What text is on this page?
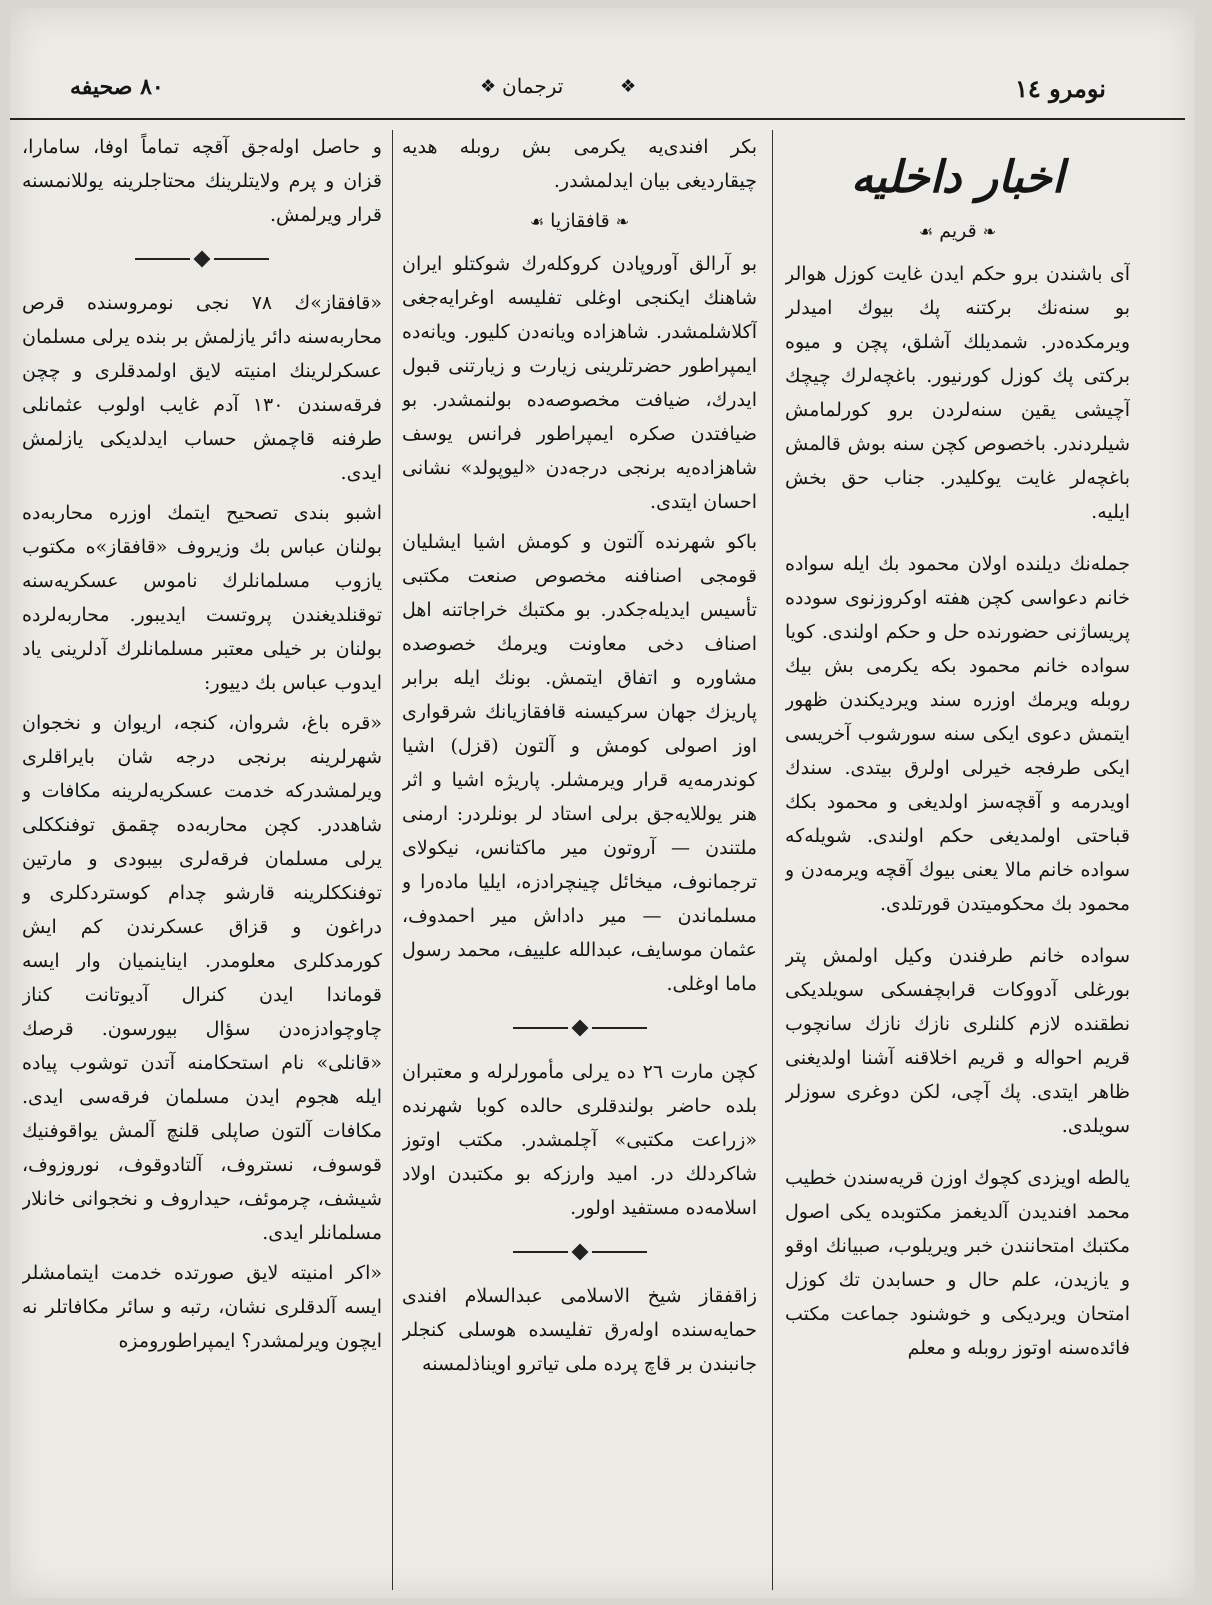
۸۰ صحیفه	❖ ترجمان	❖	نومرو ۱٤
اخبار داخلیه
❧قریم☙

آی باشندن برو حکم ایدن غایت کوزل هوالر بو سنه‌نك برکتنه پك بیوك امیدلر ویرمکده‌در. شمدیلك آشلق، پچن و میوه برکتی پك کوزل کورنیور. باغچه‌لرك چیچك آچیشی یقین سنه‌لردن برو کورلمامش شیلردندر. باخصوص کچن سنه بوش قالمش باغچه‌لر غایت یوکلیدر. جناب حق بخش ایلیه.

جمله‌نك دیلنده اولان محمود بك ایله سواده خانم دعواسی کچن هفته اوکروزنوی سودده پریساژنی حضورنده حل و حکم اولندی. کویا سواده خانم محمود بکه یکرمی بش بیك روبله ویرمك اوزره سند ویردیکندن ظهور ایتمش دعوی ایکی سنه سورشوب آخریسی ایکی طرفجه خیرلی اولرق بیتدی. سندك اویدرمه و آقچه‌سز اولدیغی و محمود بکك قباحتی اولمدیغی حکم اولندی. شویله‌که سواده خانم مالا یعنی بیوك آقچه ویرمه‌دن و محمود بك محکومیتدن قورتلدی.

سواده خانم طرفندن وکیل اولمش پتر بورغلی آدووکات قرابچفسکی سویلدیکی نطقنده لازم کلنلری نازك نازك سانچوب قریم احواله و قریم اخلاقنه آشنا اولدیغنی ظاهر ایتدی. پك آچی، لکن دوغری سوزلر سویلدی.

یالطه اویزدی کچوك اوزن قریه‌سندن خطیب محمد افندیدن آلدیغمز مکتوبده یکی اصول مکتبك امتحانندن خبر ویریلوب، صبیانك اوقو و یازیدن، علم حال و حسابدن تك کوزل امتحان ویردیکی و خوشنود جماعت مکتب فائده‌سنه اوتوز روبله و معلم

بکر افندی‌یه یکرمی بش روبله هدیه چیقاردیغی بیان ایدلمشدر.

❧قافقازیا☙

بو آرالق آوروپادن کروکله‌رك شوکتلو ایران شاهنك ایکنجی اوغلی تفلیسه اوغرایه‌جغی آکلاشلمشدر. شاهزاده ویانه‌دن کلیور. ویانه‌ده ایمپراطور حضرتلرینی زیارت و زیارتنی قبول ایدرك، ضیافت مخصوصه‌ده بولنمشدر. بو ضیافتدن صکره ایمپراطور فرانس یوسف شاهزاده‌یه برنجی درجه‌دن «لیوپولد» نشانی احسان ایتدی.

باکو شهرنده آلتون و کومش اشیا ایشلیان قومجی اصنافنه مخصوص صنعت مکتبی تأسیس ایدیله‌جکدر. بو مکتبك خراجاتنه اهل اصناف دخی معاونت ویرمك خصوصده مشاوره و اتفاق ایتمش. بونك ایله برابر پاریزك جهان سرکیسنه قافقازیانك شرقواری اوز اصولی کومش و آلتون (قزل) اشیا کوندرمه‌یه قرار ویرمشلر. پاریژه اشیا و اثر هنر یوللایه‌جق برلی استاد لر بونلردر: ارمنی ملتندن — آروتون میر ماکتانس، نیکولای ترجمانوف، میخائل چینچرادزه، ایلیا ماده‌را و مسلماندن — میر داداش میر احمدوف، عثمان موسایف، عبدالله علییف، محمد رسول ماما اوغلی.

کچن مارت ۲٦ ده یرلی مأمورلرله و معتبران بلده حاضر بولندقلری حالده کوبا شهرنده «زراعت مکتبی» آچلمشدر. مکتب اوتوز شاکردلك در. امید وارزکه بو مکتبدن اولاد اسلامه‌ده مستفید اولور.

زاقفقاز شیخ الاسلامی عبدالسلام افندی حمایه‌سنده اوله‌رق تفلیسده هوسلی کنجلر جانبندن بر قاچ پرده ملی تیاترو اویناذلمسنه

و حاصل اوله‌جق آقچه تماماً اوفا، سامارا، قزان و پرم ولایتلرینك محتاجلرینه یوللانمسنه قرار ویرلمش.

«قافقاز»ك ۷۸ نجی نومروسنده قرص محاربه‌سنه دائر یازلمش بر بنده یرلی مسلمان عسکرلرینك امنیته لایق اولمدقلری و چچن فرقه‌سندن ۱۳۰ آدم غایب اولوب عثمانلی طرفنه قاچمش حساب ایدلدیکی یازلمش ایدی.

اشبو بندی تصحیح ایتمك اوزره محاربه‌ده بولنان عباس بك وزیروف «قافقاز»ه مکتوب یازوب مسلمانلرك ناموس عسکریه‌سنه توقنلدیغندن پروتست ایدیبور. محاربه‌لرده بولنان بر خیلی معتبر مسلمانلرك آدلرینی یاد ایدوب عباس بك دییور:

«قره باغ، شروان، کنجه، اریوان و نخجوان شهرلرینه برنجی درجه شان بایراقلری ویرلمشدرکه خدمت عسکریه‌لرینه مکافات و شاهددر. کچن محاربه‌ده چقمق توفنککلی یرلی مسلمان فرقه‌لری بیبودی و مارتین توفنککلرینه قارشو چدام کوستردکلری و دراغون و قزاق عسکرندن کم ایش کورمدکلری معلومدر. ایناینمیان وار ایسه قوماندا ایدن کنرال آدیوتانت کناز چاوچوادزه‌دن سؤال بیورسون. قرصك «قانلی» نام استحکامنه آتدن توشوب پیاده ایله هجوم ایدن مسلمان فرقه‌سی ایدی. مکافات آلتون صاپلی قلنچ آلمش یواقوفنیك قوسوف، نستروف، آلتادوقوف، نوروزوف، شیشف، چرموئف، حیداروف و نخجوانی خانلار مسلمانلر ایدی.

«اکر امنیته لایق صورتده خدمت ایتمامشلر ایسه آلدقلری نشان، رتبه و سائر مکافاتلر نه ایچون ویرلمشدر؟ ایمپراطورومزه
